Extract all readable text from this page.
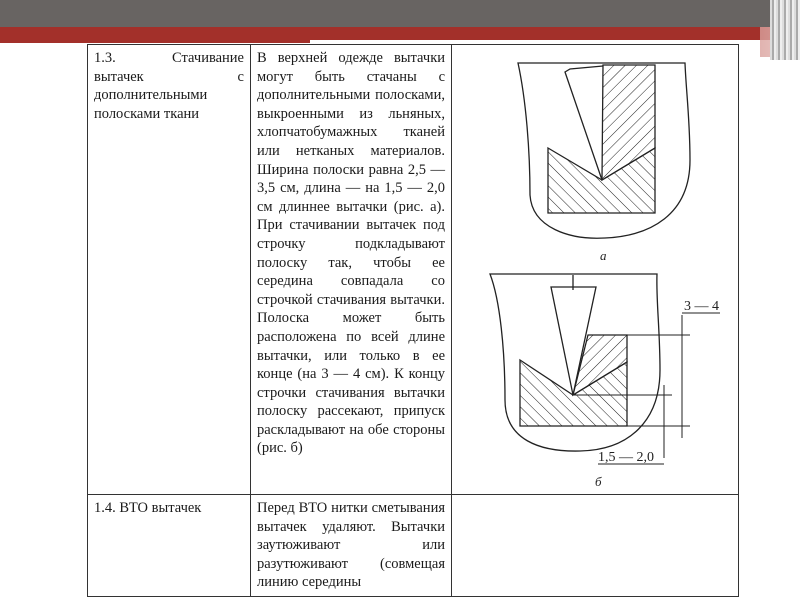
1.3. Стачивание вытачек с дополнительными полосками ткани	В верхней одежде вытачки могут быть стачаны с дополнительными полосками, выкроенными из льняных, хлопчатобумажных тканей или нетканых материалов. Ширина полоски равна 2,5 — 3,5 см, длина — на 1,5 — 2,0 см длиннее вытачки (рис. а). При стачивании вытачек под строчку подкладывают полоску так, чтобы ее середина совпадала со строчкой стачивания вытачки. Полоска может быть расположена по всей длине вытачки, или только в ее конце (на 3 — 4 см). К концу строчки стачивания вытачки полоску рассекают, припуск раскладывают на обе стороны (рис. б)	
1.4. ВТО вытачек	Перед ВТО нитки сметывания вытачек удаляют. Вытачки заутюживают или разутюживают (совмещая линию середины	
а
3 — 4
1,5 — 2,0
б
